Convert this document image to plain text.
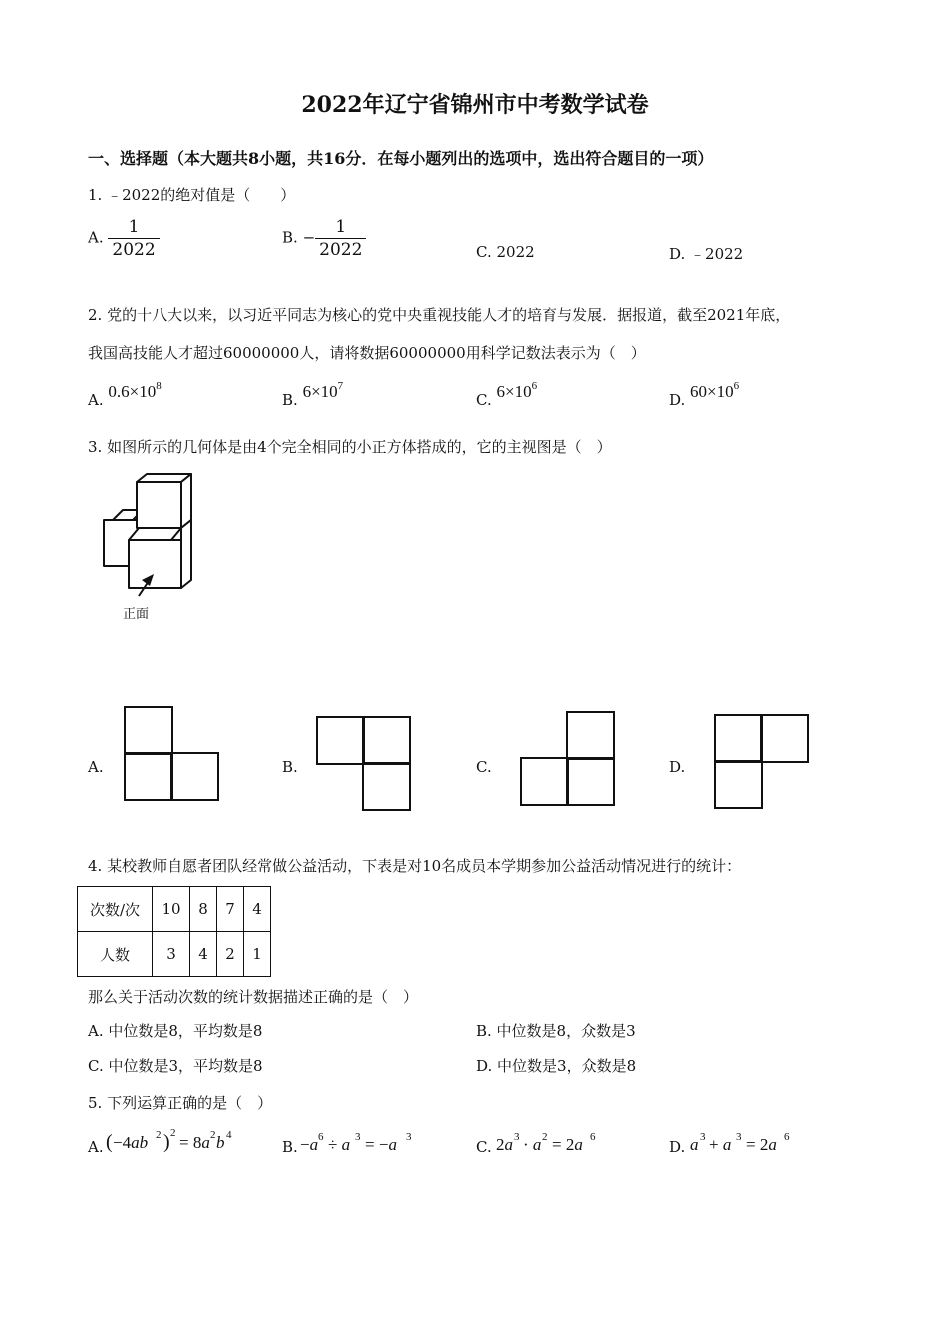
2022年辽宁省锦州市中考数学试卷
一、选择题（本大题共8小题，共16分．在每小题列出的选项中，选出符合题目的一项）
1. ﹣2022的绝对值是（　　）
A. $\frac{1}{2022}$	B. − $\frac{1}{2022}$	C. 2022	D. ﹣2022
2. 党的十八大以来，以习近平同志为核心的党中央重视技能人才的培育与发展．据报道，截至2021年底，
我国高技能人才超过60000000人，请将数据60000000用科学记数法表示为（　）
A. $0.6\times 10^8$
B. $6\times 10^7$
C. $6\times 10^6$
D. $60\times 10^6$
3. 如图所示的几何体是由4个完全相同的小正方体搭成的，它的主视图是（　）
正面
A.	B.	C.	D.
4. 某校教师自愿者团队经常做公益活动，下表是对10名成员本学期参加公益活动情况进行的统计：
次数/次	10	8	7	4
人数	3	4	2	1
那么关于活动次数的统计数据描述正确的是（　）
A. 中位数是8，平均数是8	B. 中位数是8，众数是3
C. 中位数是3，平均数是8	D. 中位数是3，众数是8
5. 下列运算正确的是（　）
A. ( −4ab 2 ) 2 = 8a 2 b 4
B. −a 6 ÷ a 3 = −a 3
C. 2a 3 · a 2 = 2a 6
D. a 3 + a 3 = 2a 6
